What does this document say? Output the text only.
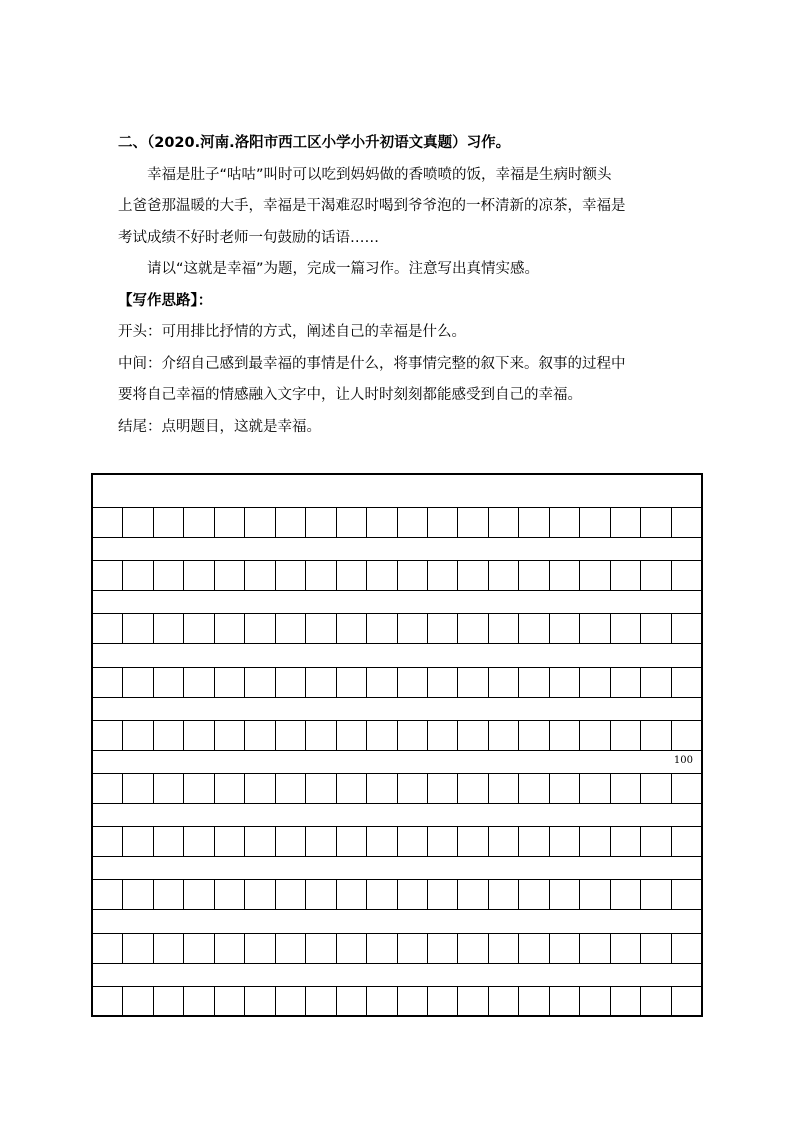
二、（2020.河南.洛阳市西工区小学小升初语文真题）习作。
幸福是肚子“咕咕”叫时可以吃到妈妈做的香喷喷的饭，幸福是生病时额头
上爸爸那温暖的大手，幸福是干渴难忍时喝到爷爷泡的一杯清新的凉茶，幸福是
考试成绩不好时老师一句鼓励的话语……
请以“这就是幸福”为题，完成一篇习作。注意写出真情实感。
【写作思路】：
开头：可用排比抒情的方式，阐述自己的幸福是什么。
中间：介绍自己感到最幸福的事情是什么，将事情完整的叙下来。叙事的过程中
要将自己幸福的情感融入文字中，让人时时刻刻都能感受到自己的幸福。
结尾：点明题目，这就是幸福。
100
